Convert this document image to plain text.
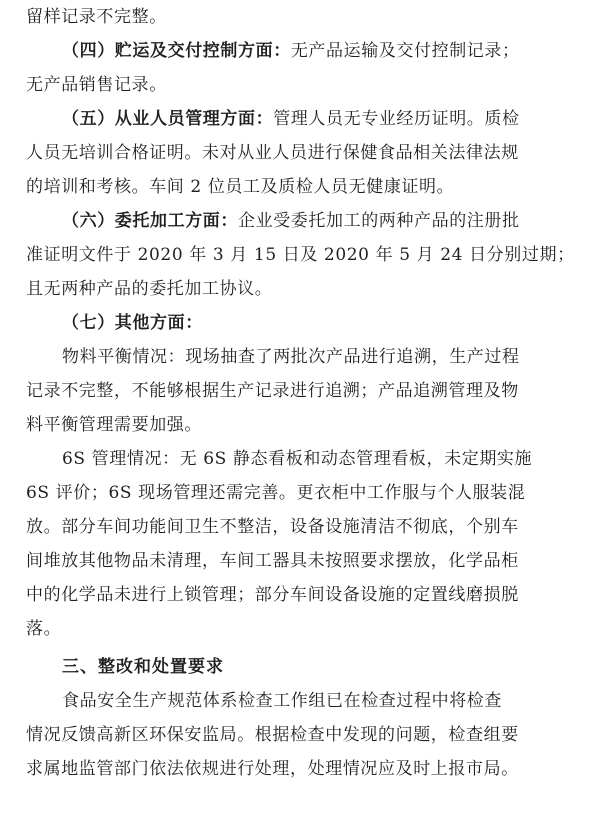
留样记录不完整。
（四）贮运及交付控制方面：无产品运输及交付控制记录；
无产品销售记录。
（五）从业人员管理方面：管理人员无专业经历证明。质检
人员无培训合格证明。未对从业人员进行保健食品相关法律法规
的培训和考核。车间 2 位员工及质检人员无健康证明。
（六）委托加工方面：企业受委托加工的两种产品的注册批
准证明文件于 2020 年 3 月 15 日及 2020 年 5 月 24 日分别过期；
且无两种产品的委托加工协议。
（七）其他方面：
物料平衡情况：现场抽查了两批次产品进行追溯，生产过程
记录不完整，不能够根据生产记录进行追溯；产品追溯管理及物
料平衡管理需要加强。
6S 管理情况：无 6S 静态看板和动态管理看板，未定期实施
6S 评价；6S 现场管理还需完善。更衣柜中工作服与个人服装混
放。部分车间功能间卫生不整洁，设备设施清洁不彻底，个别车
间堆放其他物品未清理，车间工器具未按照要求摆放，化学品柜
中的化学品未进行上锁管理；部分车间设备设施的定置线磨损脱
落。
三、整改和处置要求
食品安全生产规范体系检查工作组已在检查过程中将检查
情况反馈高新区环保安监局。根据检查中发现的问题，检查组要
求属地监管部门依法依规进行处理，处理情况应及时上报市局。
